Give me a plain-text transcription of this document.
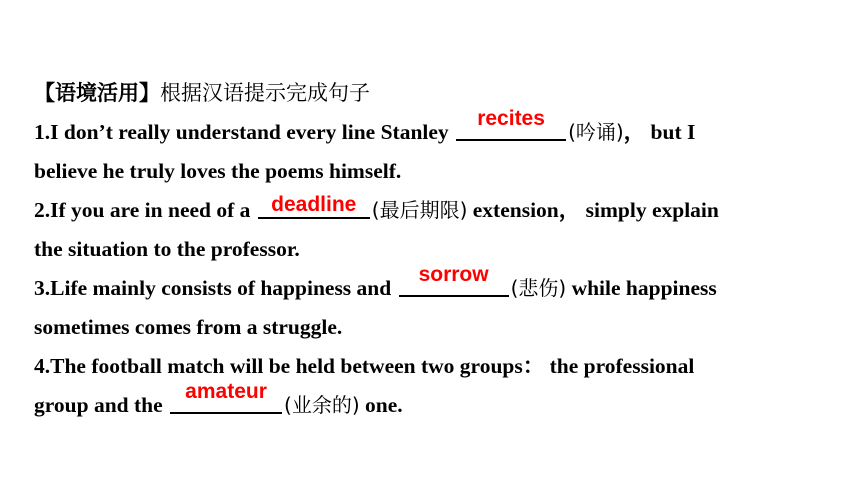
【语境活用】根据汉语提示完成句子
1.I don’t really understand every line Stanley
recites
(吟诵)， but I
believe he truly loves the poems himself.
2.If you are in need of a deadline (最后期限) extension， simply explain
the situation to the professor.
3.Life mainly consists of happiness and
sorrow
(悲伤) while happiness
sometimes comes from a struggle.
4.The football match will be held between two groups： the professional
group and the
amateur
(业余的) one.
